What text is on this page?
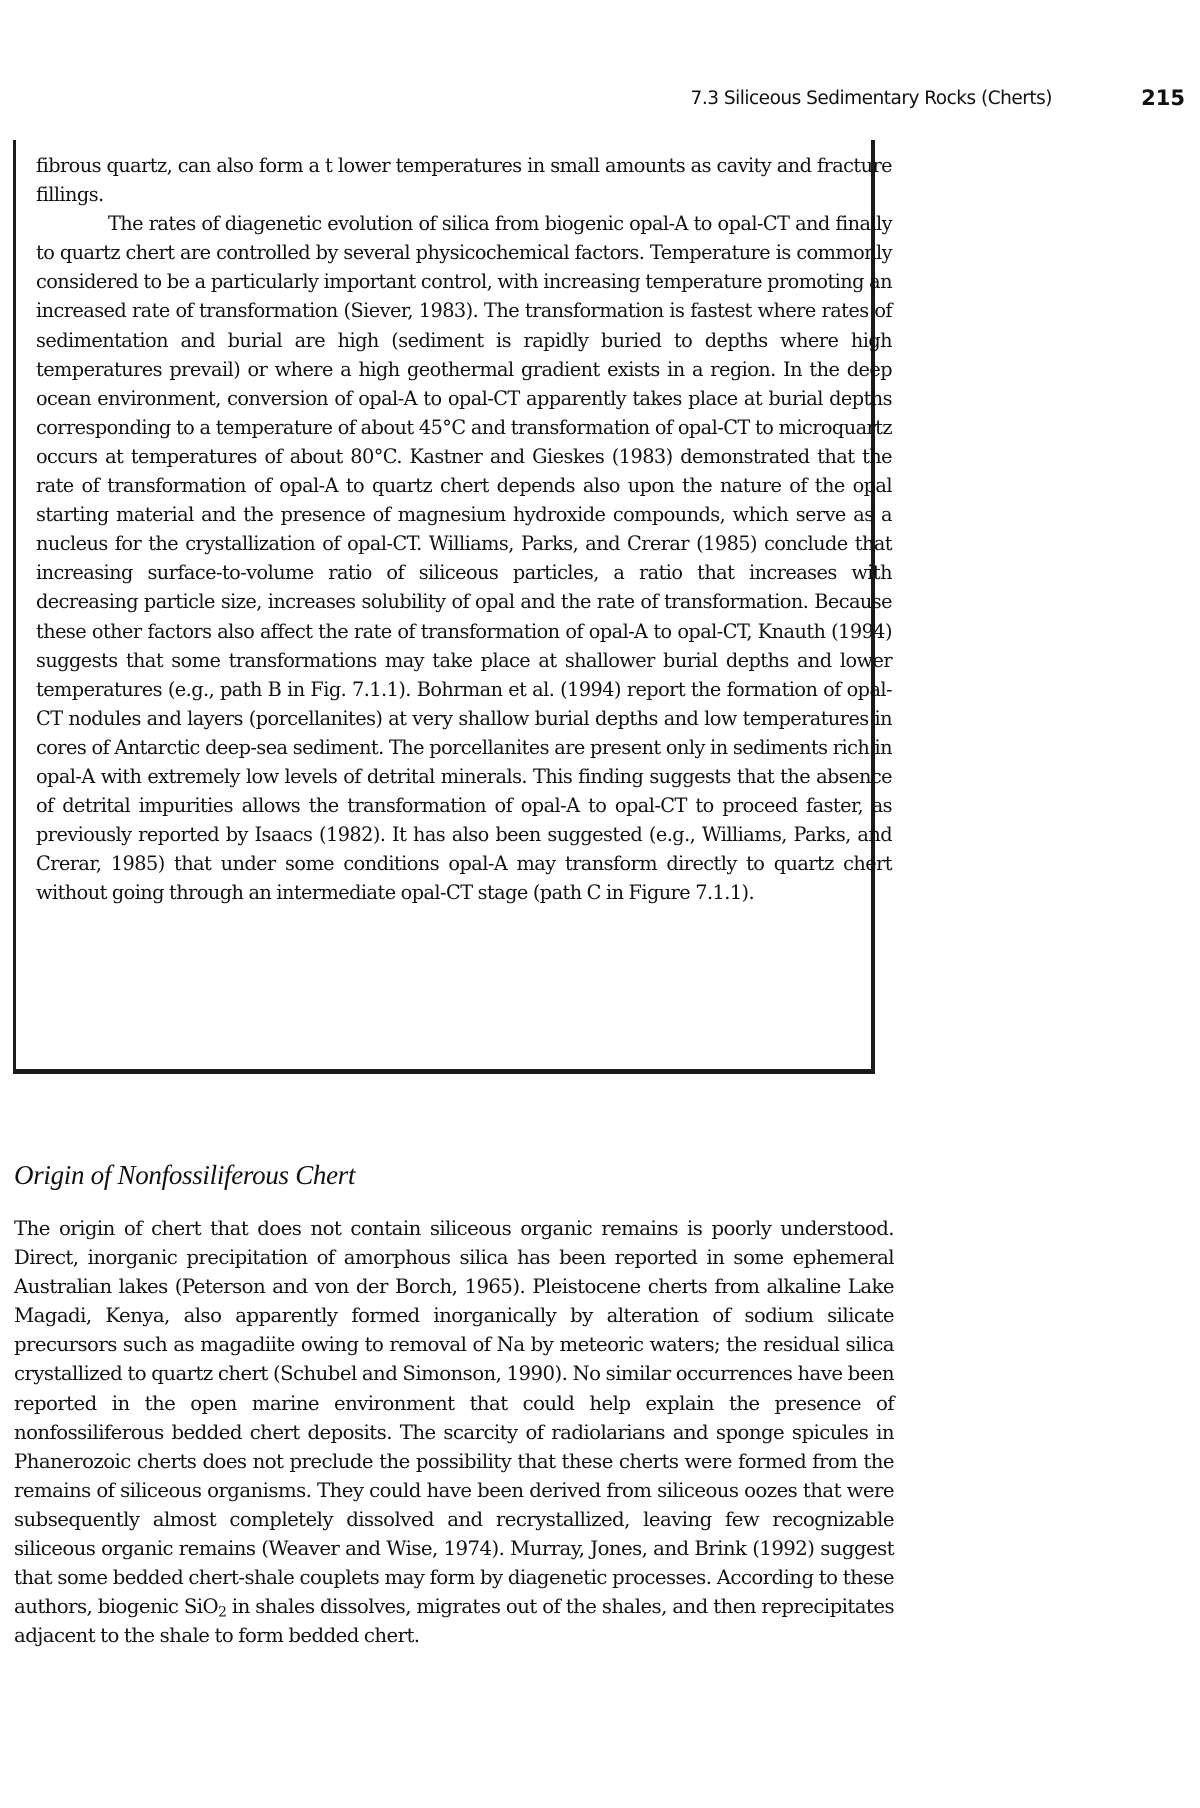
7.3 Siliceous Sedimentary Rocks (Cherts)	215

fibrous quartz, can also form a t lower temperatures in small amounts as cavity and fracture fillings.

The rates of diagenetic evolution of silica from biogenic opal-A to opal-CT and finally to quartz chert are controlled by several physicochemical factors. Temperature is commonly considered to be a particularly important control, with increasing temperature promoting an increased rate of transformation (Siever, 1983). The transformation is fastest where rates of sedimentation and burial are high (sediment is rapidly buried to depths where high temperatures prevail) or where a high geothermal gradient exists in a region. In the deep ocean environment, conversion of opal-A to opal-CT apparently takes place at burial depths corresponding to a temperature of about 45°C and transformation of opal-CT to microquartz occurs at temperatures of about 80°C. Kastner and Gieskes (1983) demonstrated that the rate of transformation of opal-A to quartz chert depends also upon the nature of the opal starting material and the presence of magnesium hydroxide compounds, which serve as a nucleus for the crystallization of opal-CT. Williams, Parks, and Crerar (1985) conclude that increasing surface-to-volume ratio of siliceous particles, a ratio that increases with decreasing particle size, increases solubility of opal and the rate of transformation. Because these other factors also affect the rate of transformation of opal-A to opal-CT, Knauth (1994) suggests that some transformations may take place at shallower burial depths and lower temperatures (e.g., path B in Fig. 7.1.1). Bohrman et al. (1994) report the formation of opal-CT nodules and layers (porcellanites) at very shallow burial depths and low temperatures in cores of Antarctic deep-sea sediment. The porcellanites are present only in sediments rich in opal-A with extremely low levels of detrital minerals. This finding suggests that the absence of detrital impurities allows the transformation of opal-A to opal-CT to proceed faster, as previously reported by Isaacs (1982). It has also been suggested (e.g., Williams, Parks, and Crerar, 1985) that under some conditions opal-A may transform directly to quartz chert without going through an intermediate opal-CT stage (path C in Figure 7.1.1).

Origin of Nonfossiliferous Chert

The origin of chert that does not contain siliceous organic remains is poorly understood. Direct, inorganic precipitation of amorphous silica has been reported in some ephemeral Australian lakes (Peterson and von der Borch, 1965). Pleistocene cherts from alkaline Lake Magadi, Kenya, also apparently formed inorganically by alteration of sodium silicate precursors such as magadiite owing to removal of Na by meteoric waters; the residual silica crystallized to quartz chert (Schubel and Simonson, 1990). No similar occurrences have been reported in the open marine environment that could help explain the presence of nonfossiliferous bedded chert deposits. The scarcity of radiolarians and sponge spicules in Phanerozoic cherts does not preclude the possibility that these cherts were formed from the remains of siliceous organisms. They could have been derived from siliceous oozes that were subsequently almost completely dissolved and recrystallized, leaving few recognizable siliceous organic remains (Weaver and Wise, 1974). Murray, Jones, and Brink (1992) suggest that some bedded chert-shale couplets may form by diagenetic processes. According to these authors, biogenic SiO$_2$ in shales dissolves, migrates out of the shales, and then reprecipitates adjacent to the shale to form bedded chert.
